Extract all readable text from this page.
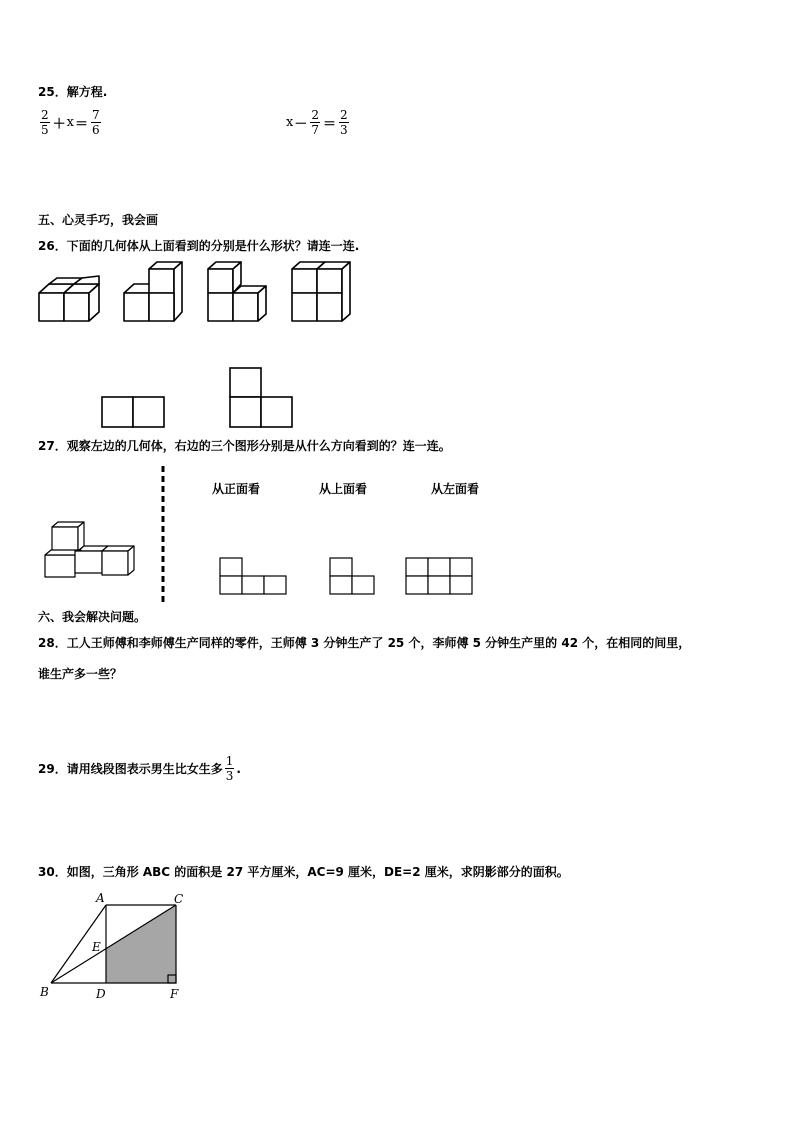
25．解方程.
$\frac{2}{5} + x = \frac{7}{6}$	$x - \frac{2}{7} = \frac{2}{3}$
五、心灵手巧，我会画
26．下面的几何体从上面看到的分别是什么形状？请连一连.
27．观察左边的几何体，右边的三个图形分别是从什么方向看到的？连一连。
从正面看	从上面看	从左面看
六、我会解决问题。
28．工人王师傅和李师傅生产同样的零件，王师傅 3 分钟生产了 25 个，李师傅 5 分钟生产里的 42 个，在相同的间里，
谁生产多一些？
29．请用线段图表示男生比女生多 $\frac{1}{3}$ .
30．如图，三角形 ABC 的面积是 27 平方厘米，AC=9 厘米，DE=2 厘米，求阴影部分的面积。
A
B
C
D
E
F
